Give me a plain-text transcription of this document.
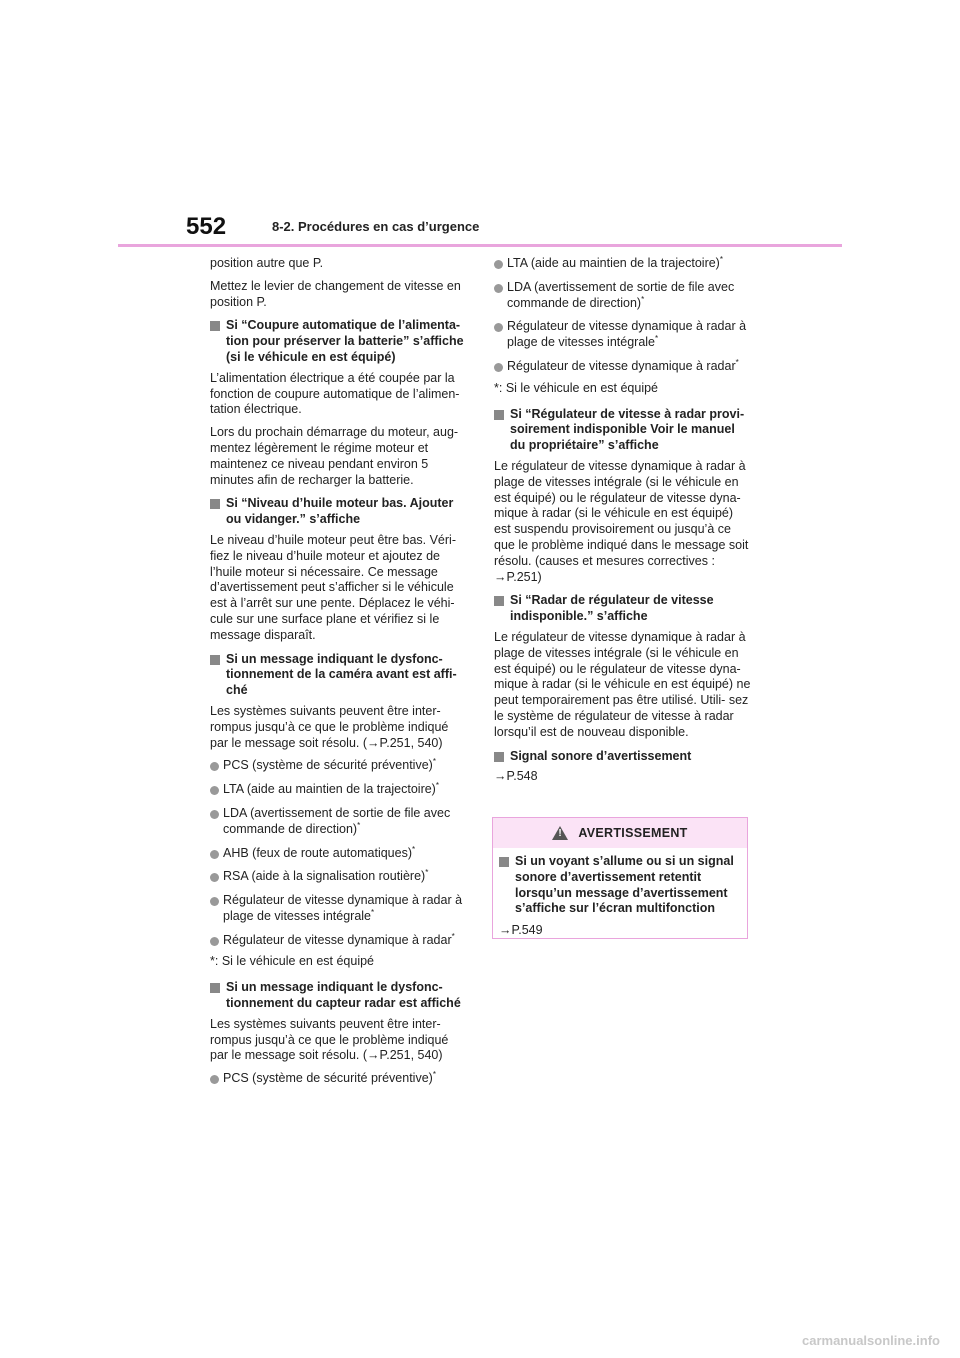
552	8-2. Procédures en cas d’urgence

position autre que P.

Mettez le levier de changement de vitesse en position P.

Si “Coupure automatique de l’alimenta- tion pour préserver la batterie” s’affiche (si le véhicule en est équipé)

L’alimentation électrique a été coupée par la fonction de coupure automatique de l’alimen- tation électrique.

Lors du prochain démarrage du moteur, aug- mentez légèrement le régime moteur et maintenez ce niveau pendant environ 5 minutes afin de recharger la batterie.

Si “Niveau d’huile moteur bas. Ajouter ou vidanger.” s’affiche

Le niveau d’huile moteur peut être bas. Véri- fiez le niveau d’huile moteur et ajoutez de l’huile moteur si nécessaire. Ce message d’avertissement peut s’afficher si le véhicule est à l’arrêt sur une pente. Déplacez le véhi- cule sur une surface plane et vérifiez si le message disparaît.

Si un message indiquant le dysfonc- tionnement de la caméra avant est affi- ché

Les systèmes suivants peuvent être inter- rompus jusqu’à ce que le problème indiqué par le message soit résolu. (→P.251, 540)

PCS (système de sécurité préventive)*
LTA (aide au maintien de la trajectoire)*
LDA (avertissement de sortie de file avec commande de direction)*
AHB (feux de route automatiques)*
RSA (aide à la signalisation routière)*
Régulateur de vitesse dynamique à radar à plage de vitesses intégrale*
Régulateur de vitesse dynamique à radar*
*: Si le véhicule en est équipé
Si un message indiquant le dysfonc- tionnement du capteur radar est affiché

Les systèmes suivants peuvent être inter- rompus jusqu’à ce que le problème indiqué par le message soit résolu. (→P.251, 540)

PCS (système de sécurité préventive)*
LTA (aide au maintien de la trajectoire)*
LDA (avertissement de sortie de file avec commande de direction)*
Régulateur de vitesse dynamique à radar à plage de vitesses intégrale*
Régulateur de vitesse dynamique à radar*
*: Si le véhicule en est équipé
Si “Régulateur de vitesse à radar provi- soirement indisponible Voir le manuel du propriétaire” s’affiche

Le régulateur de vitesse dynamique à radar à plage de vitesses intégrale (si le véhicule en est équipé) ou le régulateur de vitesse dyna- mique à radar (si le véhicule en est équipé) est suspendu provisoirement ou jusqu’à ce que le problème indiqué dans le message soit résolu. (causes et mesures correctives : →P.251)

Si “Radar de régulateur de vitesse indisponible.” s’affiche

Le régulateur de vitesse dynamique à radar à plage de vitesses intégrale (si le véhicule en est équipé) ou le régulateur de vitesse dyna- mique à radar (si le véhicule en est équipé) ne peut temporairement pas être utilisé. Utili- sez le système de régulateur de vitesse à radar lorsqu’il est de nouveau disponible.

Signal sonore d’avertissement

→P.548

!
AVERTISSEMENT
Si un voyant s’allume ou si un signal sonore d’avertissement retentit lorsqu’un message d’avertissement s’affiche sur l’écran multifonction

→P.549

carmanualsonline.info
